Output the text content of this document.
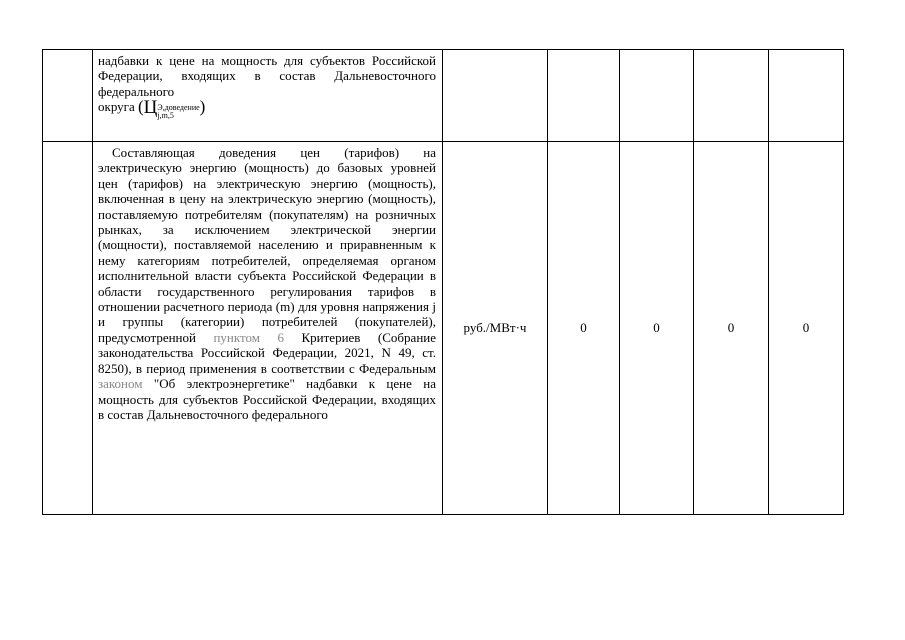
	надбавки к цене на мощность для субъектов Российской Федерации, входящих в состав Дальневосточного федерального
округа (Ц Э,доведение
j,m,5 )					

	Составляющая доведения цен (тарифов) на электрическую энергию (мощность) до базовых уровней цен (тарифов) на электрическую энергию (мощность), включенная в цену на электрическую энергию (мощность), поставляемую потребителям (покупателям) на розничных рынках, за исключением электрической энергии (мощности), поставляемой населению и приравненным к нему категориям потребителей, определяемая органом исполнительной власти субъекта Российской Федерации в области государственного регулирования тарифов в отношении расчетного периода (m) для уровня напряжения j и группы (категории) потребителей (покупателей), предусмотренной пунктом 6 Критериев (Собрание законодательства Российской Федерации, 2021, N 49, ст. 8250), в период применения в соответствии с Федеральным законом "Об электроэнергетике" надбавки к цене на мощность для субъектов Российской Федерации, входящих в состав Дальневосточного федерального	руб./МВт·ч	0	0	0	0
